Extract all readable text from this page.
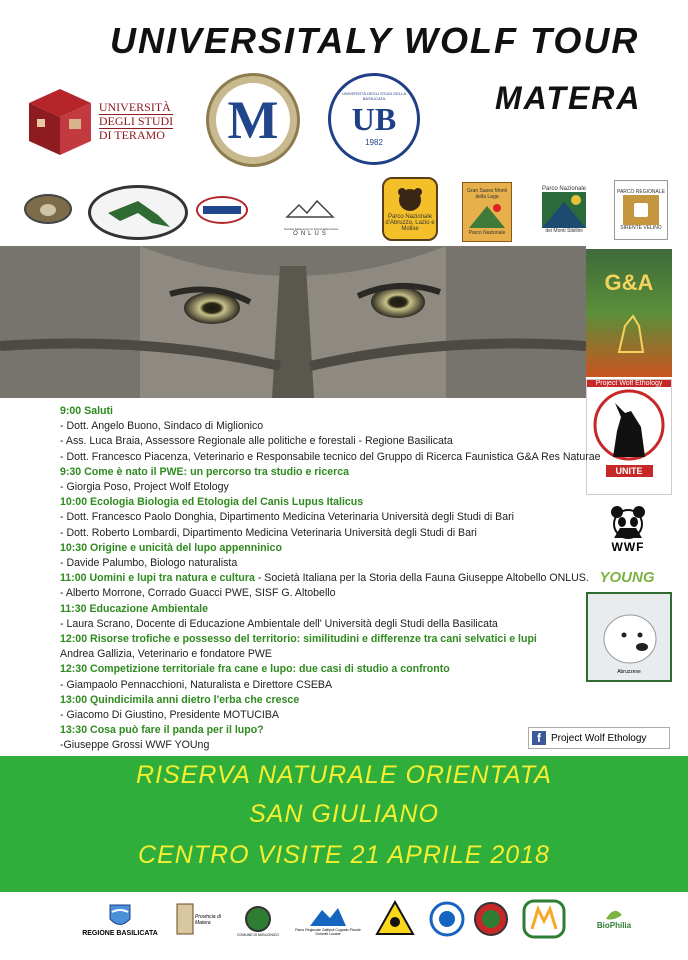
UNIVERSITALY WOLF TOUR
MATERA
UNIVERSITÀ
DEGLI STUDI
DI TERAMO M	UNIVERSITÀ DEGLI STUDI DELLA BASILICATA
UB
1982
Società Italiana per la Storia della Fauna
ONLUS
Parco Nazionale d'Abruzzo, Lazio e Molise
Gran Sasso Monti della Laga
Parco Nazionale
Parco Nazionale
dei Monti Sibillini
PARCO REGIONALE
SIRENTE VELINO
G&A
Project Wolf Ethology
UNITE
WWF
YOUNG
Abruzzese
9:00 Saluti
- Dott. Angelo Buono, Sindaco di Miglionico
- Ass. Luca Braia, Assessore Regionale alle politiche e forestali - Regione Basilicata
- Dott. Francesco Piacenza, Veterinario e Responsabile tecnico del Gruppo di Ricerca Faunistica G&A Res Naturae
9:30 Come è nato il PWE: un percorso tra studio e ricerca
- Giorgia Poso, Project Wolf Etology
10:00 Ecologia Biologia ed Etologia del Canis Lupus Italicus
- Dott. Francesco Paolo Donghia, Dipartimento Medicina Veterinaria Università degli Studi di Bari
- Dott. Roberto Lombardi, Dipartimento Medicina Veterinaria Università degli Studi di Bari
10:30 Origine e unicità del lupo appenninico
- Davide Palumbo, Biologo naturalista
11:00 Uomini e lupi tra natura e cultura - Società Italiana per la Storia della Fauna Giuseppe Altobello ONLUS.
- Alberto Morrone, Corrado Guacci PWE, SISF G. Altobello
11:30 Educazione Ambientale
- Laura Scrano, Docente di Educazione Ambientale dell' Università degli Studi della Basilicata
12:00 Risorse trofiche e possesso del territorio: similitudini e differenze tra cani selvatici e lupi
Andrea Gallizia, Veterinario e fondatore PWE
12:30 Competizione territoriale fra cane e lupo: due casi di studio a confronto
- Giampaolo Pennacchioni, Naturalista e Direttore CSEBA
13:00 Quindicimila anni dietro l'erba che cresce
- Giacomo Di Giustino, Presidente MOTUCIBA
13:30 Cosa può fare il panda per il lupo?
-Giuseppe Grossi WWF YOUng
f	Project Wolf Ethology
RISERVA NATURALE ORIENTATA
SAN GIULIANO
CENTRO VISITE 21 APRILE 2018
REGIONE BASILICATA
Provincia di Matera
COMUNE DI MIGLIONICO
Parco Regionale Gallipoli Cognato Piccole Dolomiti Lucane
BioPhilia
